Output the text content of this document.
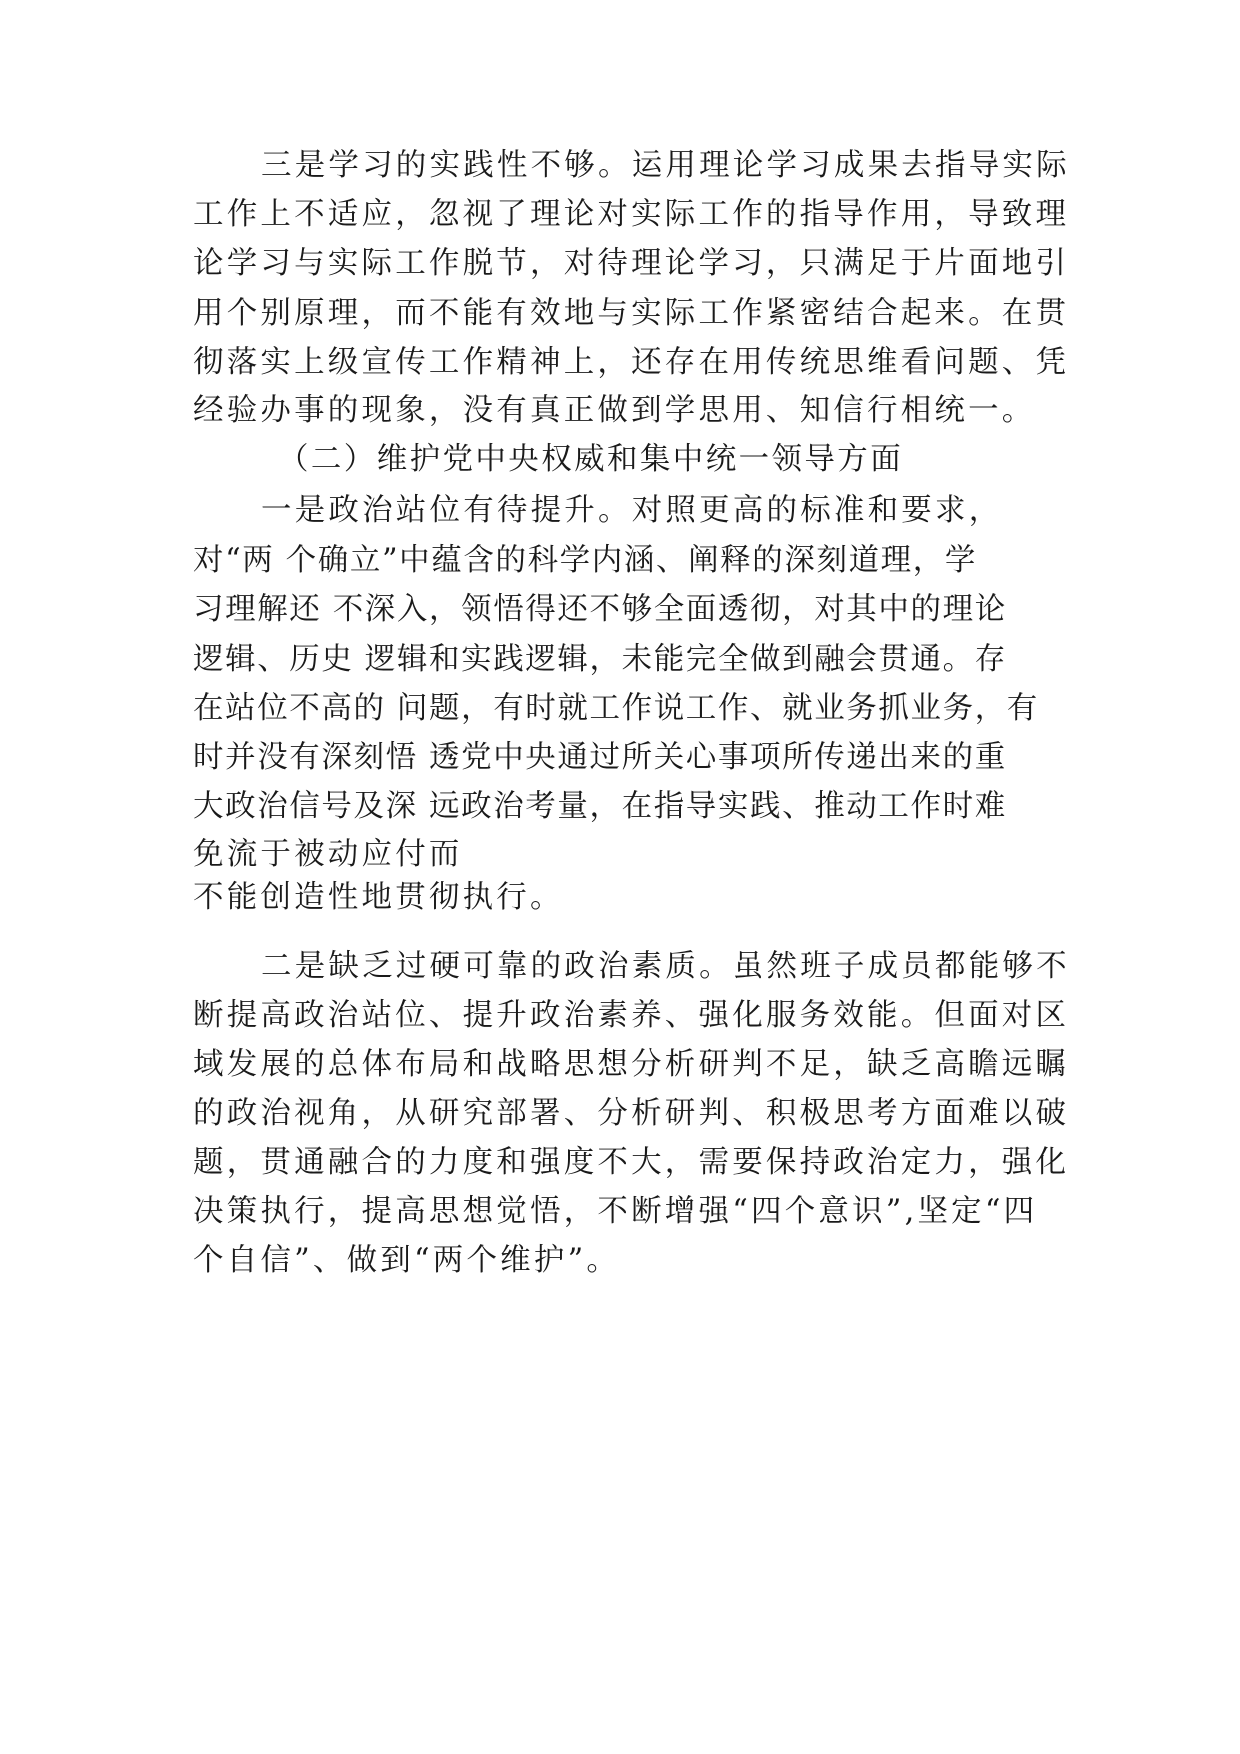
三是学习的实践性不够。运用理论学习成果去指导实际
工作上不适应，忽视了理论对实际工作的指导作用，导致理
论学习与实际工作脱节，对待理论学习，只满足于片面地引
用个别原理，而不能有效地与实际工作紧密结合起来。在贯
彻落实上级宣传工作精神上，还存在用传统思维看问题、凭
经验办事的现象，没有真正做到学思用、知信行相统一。
（二）维护党中央权威和集中统一领导方面
一是政治站位有待提升。对照更高的标准和要求，
对“两 个确立”中蕴含的科学内涵、阐释的深刻道理，学
习理解还 不深入，领悟得还不够全面透彻，对其中的理论
逻辑、历史 逻辑和实践逻辑，未能完全做到融会贯通。存
在站位不高的 问题，有时就工作说工作、就业务抓业务，有
时并没有深刻悟 透党中央通过所关心事项所传递出来的重
大政治信号及深 远政治考量，在指导实践、推动工作时难
免流于被动应付而
不能创造性地贯彻执行。
二是缺乏过硬可靠的政治素质。虽然班子成员都能够不
断提高政治站位、提升政治素养、强化服务效能。但面对区
域发展的总体布局和战略思想分析研判不足，缺乏高瞻远瞩
的政治视角，从研究部署、分析研判、积极思考方面难以破
题，贯通融合的力度和强度不大，需要保持政治定力，强化
决策执行，提高思想觉悟，不断增强“四个意识”,坚定“四
个自信”、做到“两个维护”。
